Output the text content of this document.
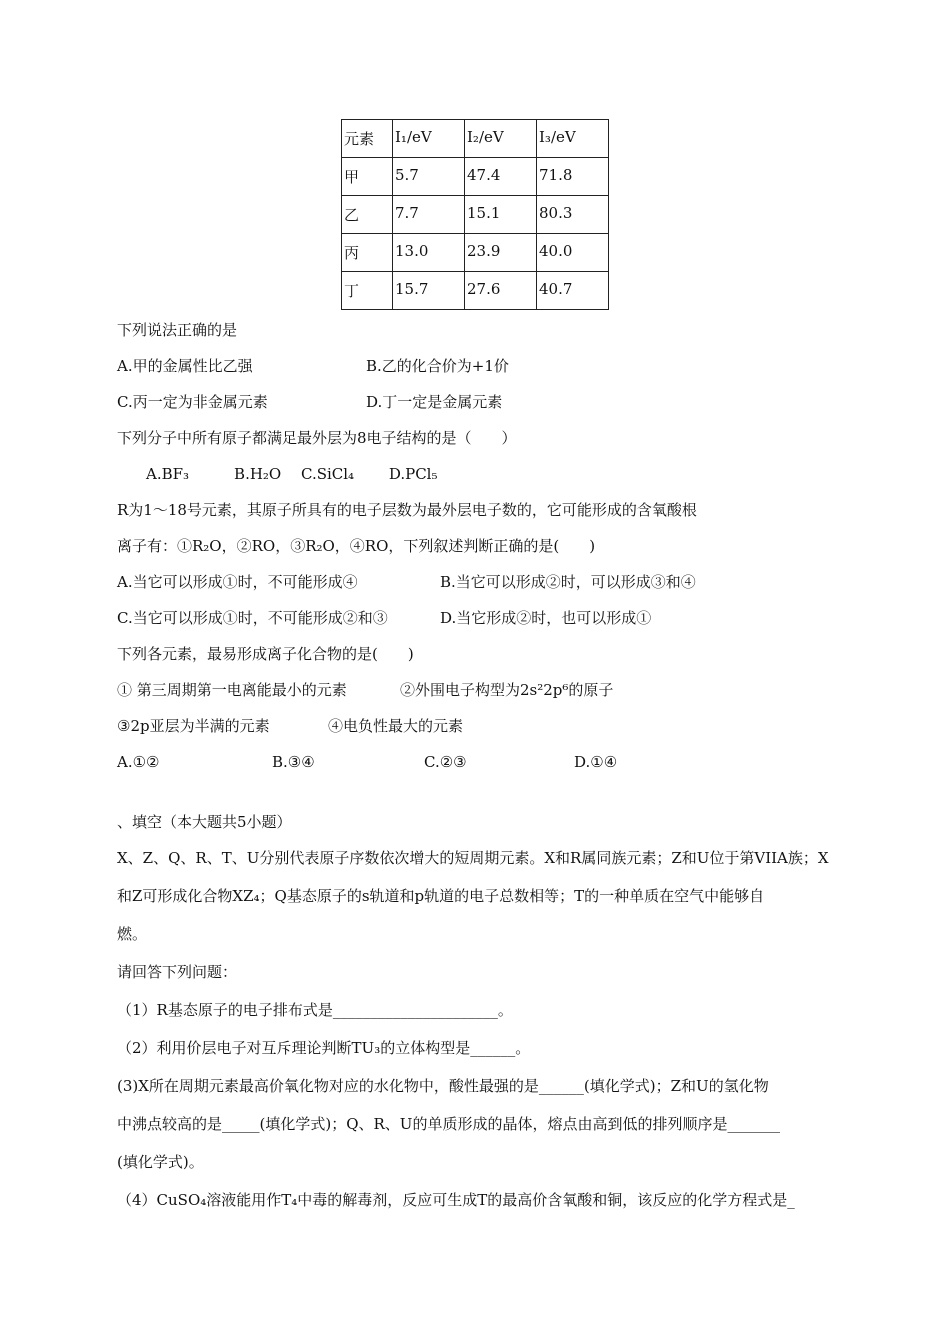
元素	I₁/eV	I₂/eV	I₃/eV
甲	5.7	47.4	71.8
乙	7.7	15.1	80.3
丙	13.0	23.9	40.0
丁	15.7	27.6	40.7
下列说法正确的是
A.甲的金属性比乙强	B.乙的化合价为+1价
C.丙一定为非金属元素	D.丁一定是金属元素
下列分子中所有原子都满足最外层为8电子结构的是（　　）
A.BF₃　　　B.H₂O　 C.SiCl₄　　 D.PCl₅
R为1～18号元素，其原子所具有的电子层数为最外层电子数的，它可能形成的含氧酸根
离子有：①R₂O，②RO，③R₂O，④RO，下列叙述判断正确的是(　　)
A.当它可以形成①时，不可能形成④	B.当它可以形成②时，可以形成③和④
C.当它可以形成①时，不可能形成②和③	D.当它形成②时，也可以形成①
下列各元素，最易形成离子化合物的是(　　)
① 第三周期第一电离能最小的元素	②外围电子构型为2s²2p⁶的原子
③2p亚层为半满的元素	④电负性最大的元素
A.①②	B.③④	C.②③	D.①④
、填空（本大题共5小题）
X、Z、Q、R、T、U分别代表原子序数依次增大的短周期元素。X和R属同族元素；Z和U位于第VIIA族；X
和Z可形成化合物XZ₄；Q基态原子的s轨道和p轨道的电子总数相等；T的一种单质在空气中能够自
燃。
请回答下列问题：
（1）R基态原子的电子排布式是______________________。
（2）利用价层电子对互斥理论判断TU₃的立体构型是______。
(3)X所在周期元素最高价氧化物对应的水化物中，酸性最强的是______(填化学式)；Z和U的氢化物
中沸点较高的是_____(填化学式)；Q、R、U的单质形成的晶体，熔点由高到低的排列顺序是_______
(填化学式)。
（4）CuSO₄溶液能用作T₄中毒的解毒剂，反应可生成T的最高价含氧酸和铜，该反应的化学方程式是_
